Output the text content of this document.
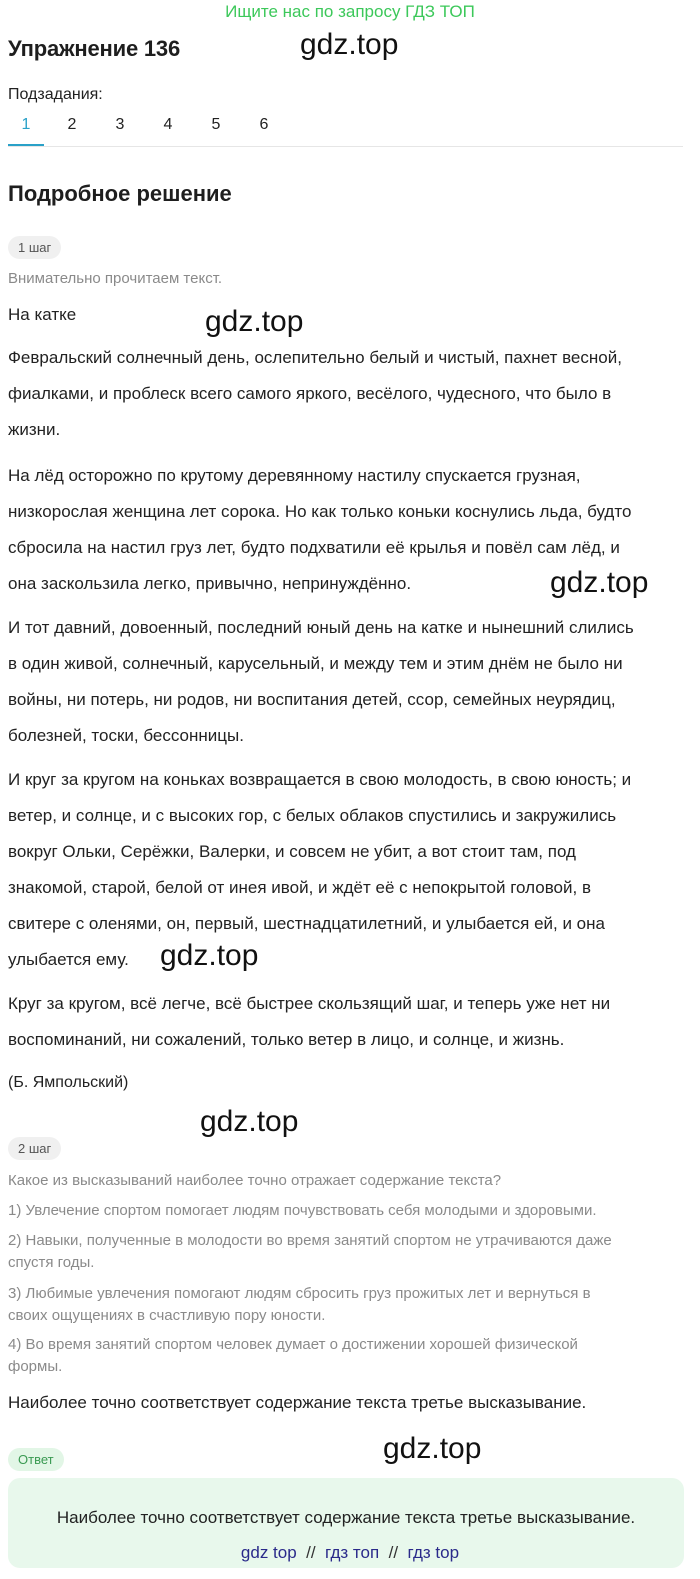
Ищите нас по запросу ГДЗ ТОП
Упражнение 136	gdz.top
Подзадания:
1	2	3	4	5	6
Подробное решение
1 шаг
Внимательно прочитаем текст.
На катке	gdz.top
Февральский солнечный день, ослепительно белый и чистый, пахнет весной,
фиалками, и проблеск всего самого яркого, весёлого, чудесного, что было в
жизни.
На лёд осторожно по крутому деревянному настилу спускается грузная,
низкорослая женщина лет сорока. Но как только коньки коснулись льда, будто
сбросила на настил груз лет, будто подхватили её крылья и повёл сам лёд, и
она заскользила легко, привычно, непринуждённо.	gdz.top
И тот давний, довоенный, последний юный день на катке и нынешний слились
в один живой, солнечный, карусельный, и между тем и этим днём не было ни
войны, ни потерь, ни родов, ни воспитания детей, ссор, семейных неурядиц,
болезней, тоски, бессонницы.
И круг за кругом на коньках возвращается в свою молодость, в свою юность; и
ветер, и солнце, и с высоких гор, с белых облаков спустились и закружились
вокруг Ольки, Серёжки, Валерки, и совсем не убит, а вот стоит там, под
знакомой, старой, белой от инея ивой, и ждёт её с непокрытой головой, в
свитере с оленями, он, первый, шестнадцатилетний, и улыбается ей, и она
улыбается ему.	gdz.top
Круг за кругом, всё легче, всё быстрее скользящий шаг, и теперь уже нет ни
воспоминаний, ни сожалений, только ветер в лицо, и солнце, и жизнь.
(Б. Ямпольский)
gdz.top
2 шаг
Какое из высказываний наиболее точно отражает содержание текста?
1) Увлечение спортом помогает людям почувствовать себя молодыми и здоровыми.
2) Навыки, полученные в молодости во время занятий спортом не утрачиваются даже
спустя годы.
3) Любимые увлечения помогают людям сбросить груз прожитых лет и вернуться в
своих ощущениях в счастливую пору юности.
4) Во время занятий спортом человек думает о достижении хорошей физической
формы.
Наиболее точно соответствует содержание текста третье высказывание.
Ответ	gdz.top
Наиболее точно соответствует содержание текста третье высказывание.
gdz top // гдз топ // гдз top
